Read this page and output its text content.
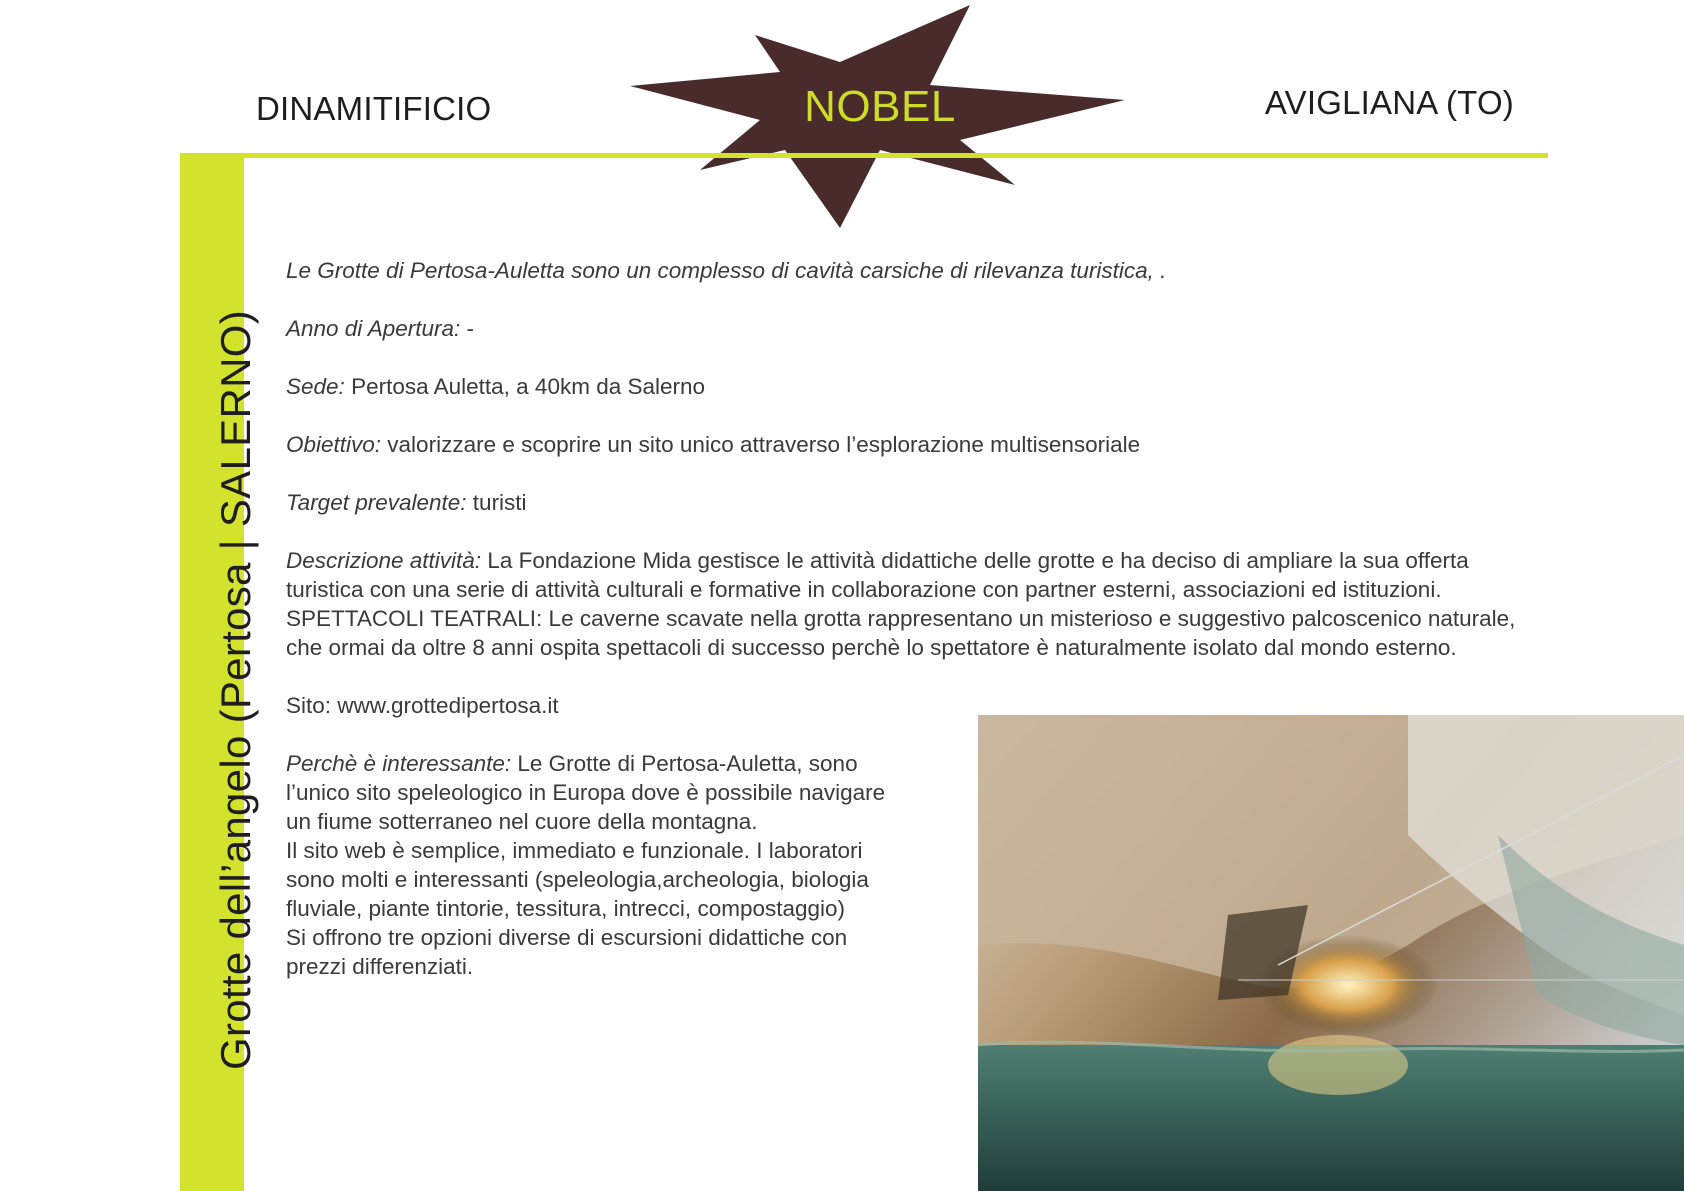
DINAMITIFICIO	NOBEL	AVIGLIANA (TO)
Grotte dell’angelo (Pertosa | SALERNO)

Le Grotte di Pertosa-Auletta sono un complesso di cavità carsiche di rilevanza turistica, .

Anno di Apertura: -

Sede: Pertosa Auletta, a 40km da Salerno

Obiettivo: valorizzare e scoprire un sito unico attraverso l’esplorazione multisensoriale

Target prevalente: turisti

Descrizione attività: La Fondazione Mida gestisce le attività didattiche delle grotte e ha deciso di ampliare la sua offerta turistica con una serie di attività culturali e formative in collaborazione con partner esterni, associazioni ed istituzioni.
SPETTACOLI TEATRALI: Le caverne scavate nella grotta rappresentano un misterioso e suggestivo palcoscenico naturale, che ormai da oltre 8 anni ospita spettacoli di successo perchè lo spettatore è naturalmente isolato dal mondo esterno.

Sito: www.grottedipertosa.it

Perchè è interessante: Le Grotte di Pertosa-Auletta, sono l’unico sito speleologico in Europa dove è possibile navigare un fiume sotterraneo nel cuore della montagna.
Il sito web è semplice, immediato e funzionale. I laboratori sono molti e interessanti (speleologia,archeologia, biologia fluviale, piante tintorie, tessitura, intrecci, compostaggio)
Si offrono tre opzioni diverse di escursioni didattiche con prezzi differenziati.
